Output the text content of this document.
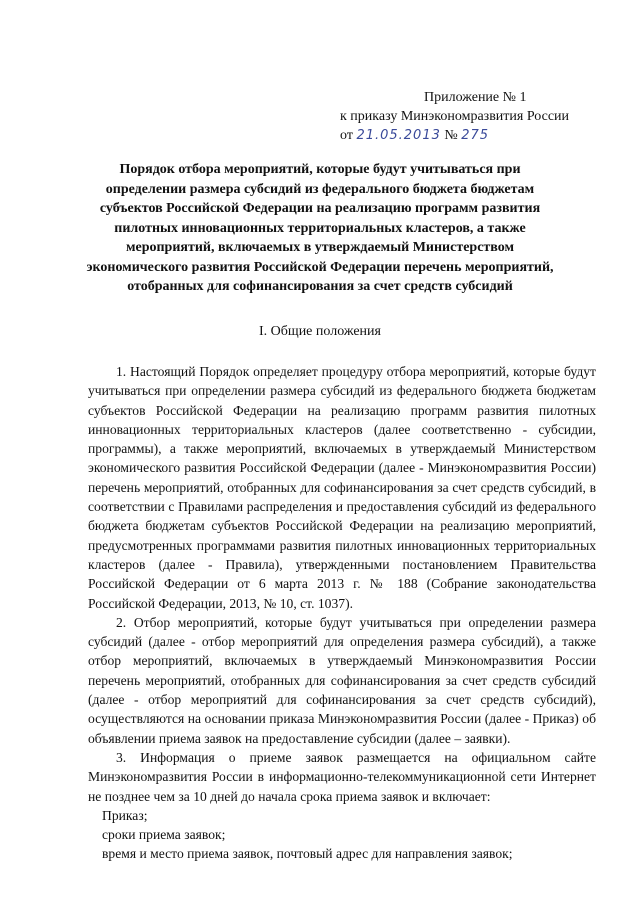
Приложение № 1
к приказу Минэкономразвития России
от 21.05.2013 № 275
Порядок отбора мероприятий, которые будут учитываться при определении размера субсидий из федерального бюджета бюджетам субъектов Российской Федерации на реализацию программ развития пилотных инновационных территориальных кластеров, а также мероприятий, включаемых в утверждаемый Министерством экономического развития Российской Федерации перечень мероприятий, отобранных для софинансирования за счет средств субсидий
I. Общие положения

1. Настоящий Порядок определяет процедуру отбора мероприятий, которые будут учитываться при определении размера субсидий из федерального бюджета бюджетам субъектов Российской Федерации на реализацию программ развития пилотных инновационных территориальных кластеров (далее соответственно - субсидии, программы), а также мероприятий, включаемых в утверждаемый Министерством экономического развития Российской Федерации (далее - Минэкономразвития России) перечень мероприятий, отобранных для софинансирования за счет средств субсидий, в соответствии с Правилами распределения и предоставления субсидий из федерального бюджета бюджетам субъектов Российской Федерации на реализацию мероприятий, предусмотренных программами развития пилотных инновационных территориальных кластеров (далее - Правила), утвержденными постановлением Правительства Российской Федерации от 6 марта 2013 г. № 188 (Собрание законодательства Российской Федерации, 2013, № 10, ст. 1037).

2. Отбор мероприятий, которые будут учитываться при определении размера субсидий (далее - отбор мероприятий для определения размера субсидий), а также отбор мероприятий, включаемых в утверждаемый Минэкономразвития России перечень мероприятий, отобранных для софинансирования за счет средств субсидий (далее - отбор мероприятий для софинансирования за счет средств субсидий), осуществляются на основании приказа Минэкономразвития России (далее - Приказ) об объявлении приема заявок на предоставление субсидии (далее – заявки).

3. Информация о приеме заявок размещается на официальном сайте Минэкономразвития России в информационно-телекоммуникационной сети Интернет не позднее чем за 10 дней до начала срока приема заявок и включает:

Приказ;

сроки приема заявок;

время и место приема заявок, почтовый адрес для направления заявок;
